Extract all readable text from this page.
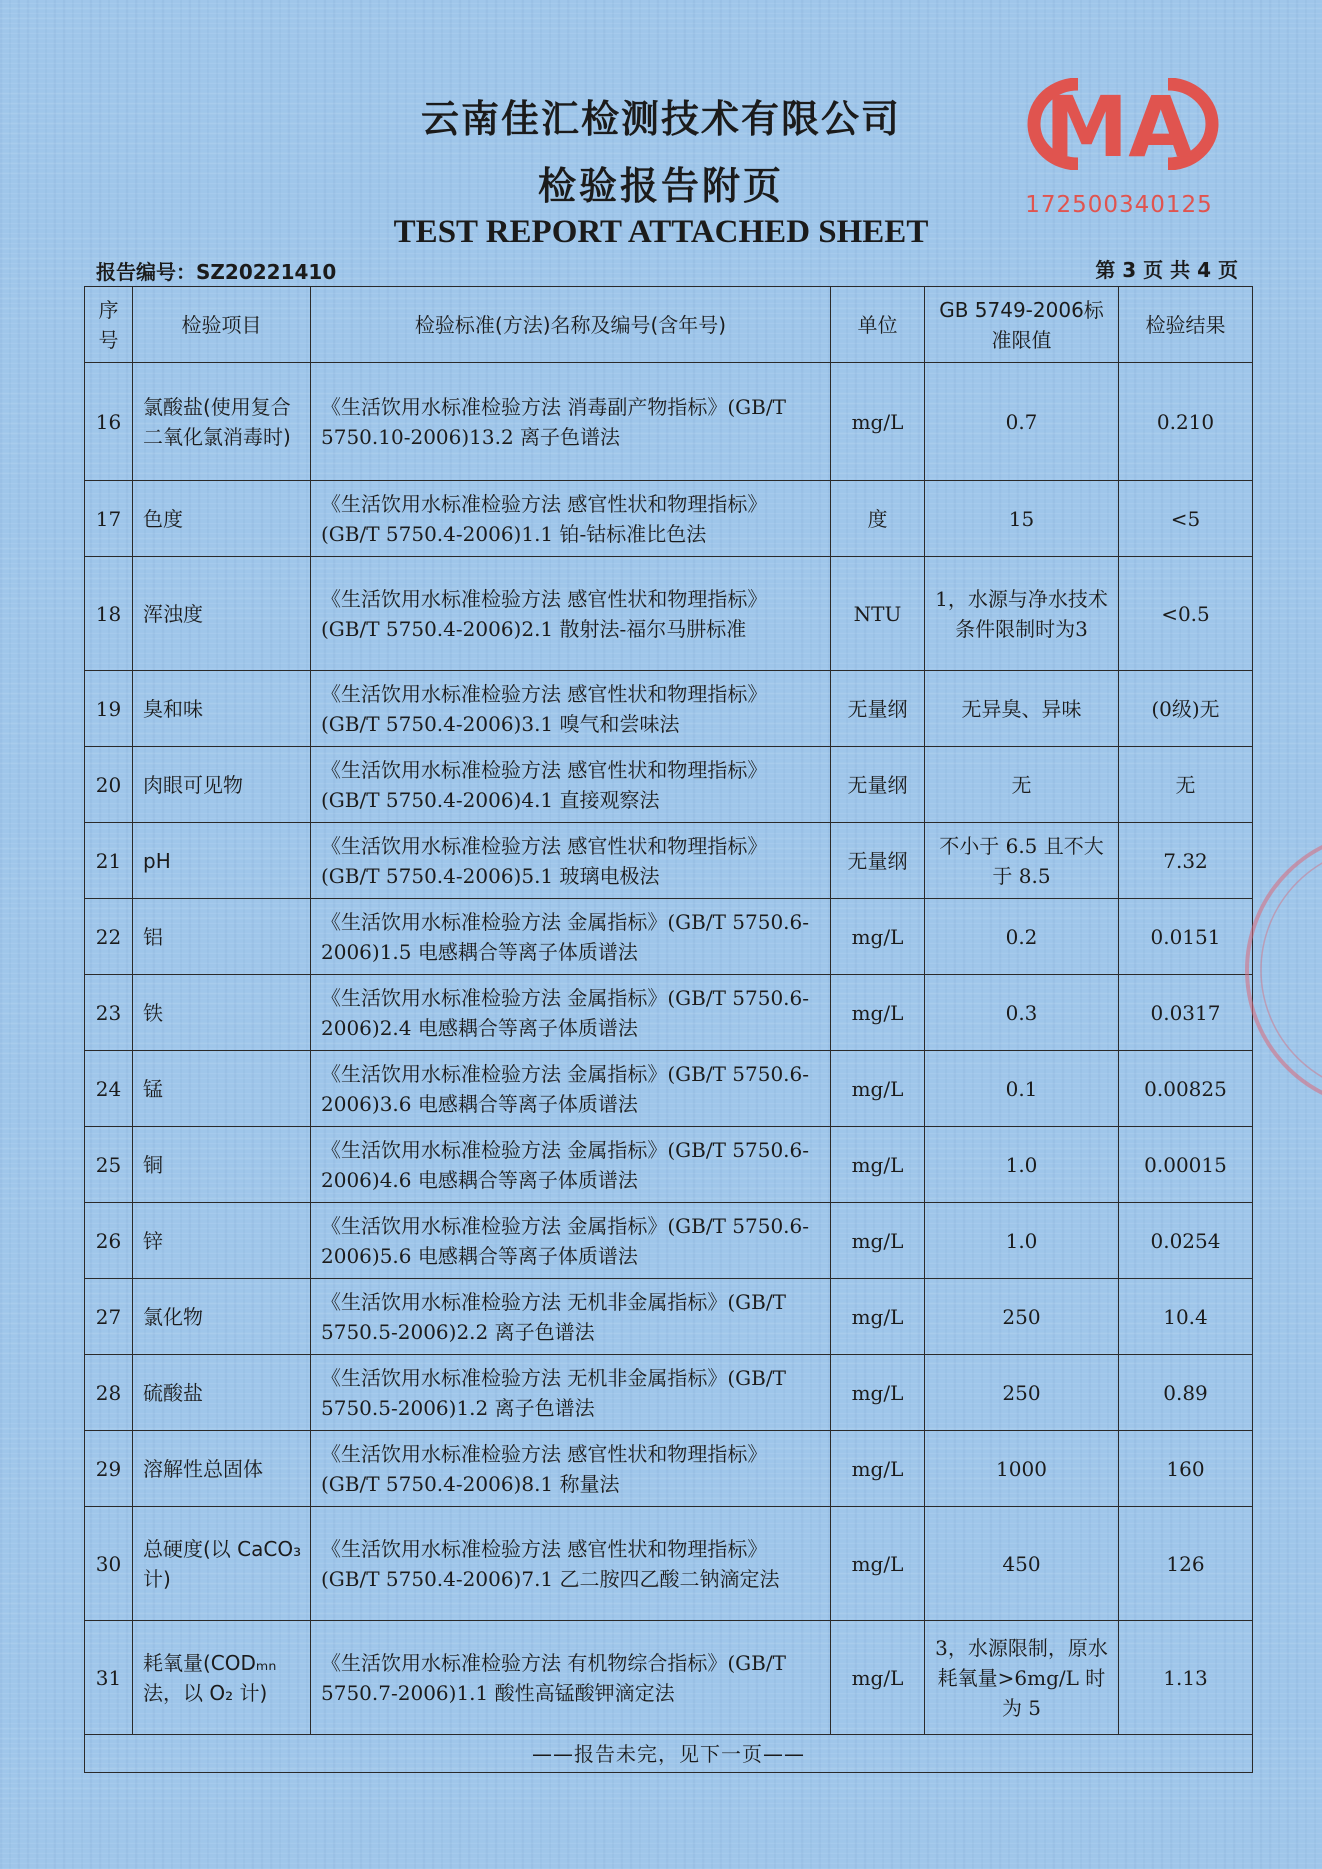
云南佳汇检测技术有限公司
检验报告附页
TEST REPORT ATTACHED SHEET
MA
172500340125
报告编号：SZ20221410	第 3 页 共 4 页
序号	检验项目	检验标准(方法)名称及编号(含年号)	单位	GB 5749-2006标准限值	检验结果
16	氯酸盐(使用复合二氧化氯消毒时)	《生活饮用水标准检验方法 消毒副产物指标》(GB/T 5750.10-2006)13.2 离子色谱法	mg/L	0.7	0.210
17	色度	《生活饮用水标准检验方法 感官性状和物理指标》(GB/T 5750.4-2006)1.1 铂-钴标准比色法	度	15	<5
18	浑浊度	《生活饮用水标准检验方法 感官性状和物理指标》(GB/T 5750.4-2006)2.1 散射法-福尔马肼标准	NTU	1，水源与净水技术条件限制时为3	<0.5
19	臭和味	《生活饮用水标准检验方法 感官性状和物理指标》(GB/T 5750.4-2006)3.1 嗅气和尝味法	无量纲	无异臭、异味	(0级)无
20	肉眼可见物	《生活饮用水标准检验方法 感官性状和物理指标》(GB/T 5750.4-2006)4.1 直接观察法	无量纲	无	无
21	pH	《生活饮用水标准检验方法 感官性状和物理指标》(GB/T 5750.4-2006)5.1 玻璃电极法	无量纲	不小于 6.5 且不大于 8.5	7.32
22	铝	《生活饮用水标准检验方法 金属指标》(GB/T 5750.6-2006)1.5 电感耦合等离子体质谱法	mg/L	0.2	0.0151
23	铁	《生活饮用水标准检验方法 金属指标》(GB/T 5750.6-2006)2.4 电感耦合等离子体质谱法	mg/L	0.3	0.0317
24	锰	《生活饮用水标准检验方法 金属指标》(GB/T 5750.6-2006)3.6 电感耦合等离子体质谱法	mg/L	0.1	0.00825
25	铜	《生活饮用水标准检验方法 金属指标》(GB/T 5750.6-2006)4.6 电感耦合等离子体质谱法	mg/L	1.0	0.00015
26	锌	《生活饮用水标准检验方法 金属指标》(GB/T 5750.6-2006)5.6 电感耦合等离子体质谱法	mg/L	1.0	0.0254
27	氯化物	《生活饮用水标准检验方法 无机非金属指标》(GB/T 5750.5-2006)2.2 离子色谱法	mg/L	250	10.4
28	硫酸盐	《生活饮用水标准检验方法 无机非金属指标》(GB/T 5750.5-2006)1.2 离子色谱法	mg/L	250	0.89
29	溶解性总固体	《生活饮用水标准检验方法 感官性状和物理指标》(GB/T 5750.4-2006)8.1 称量法	mg/L	1000	160
30	总硬度(以 CaCO₃ 计)	《生活饮用水标准检验方法 感官性状和物理指标》(GB/T 5750.4-2006)7.1 乙二胺四乙酸二钠滴定法	mg/L	450	126
31	耗氧量(CODₘₙ法，以 O₂ 计)	《生活饮用水标准检验方法 有机物综合指标》(GB/T 5750.7-2006)1.1 酸性高锰酸钾滴定法	mg/L	3，水源限制，原水耗氧量>6mg/L 时为 5	1.13
——报告未完，见下一页——					
